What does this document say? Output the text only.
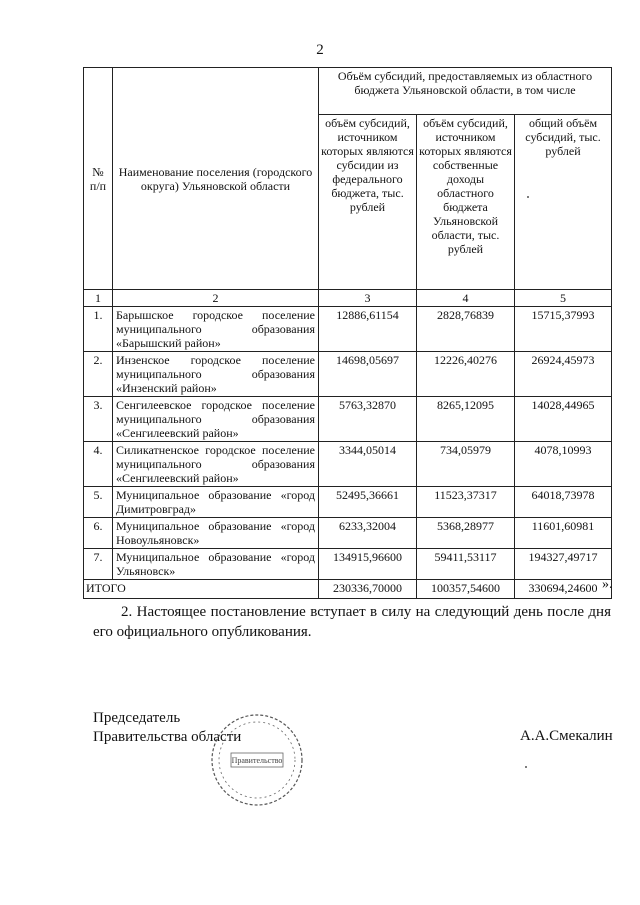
2
№ п/п	Наименование поселения (городского округа) Ульяновской области	Объём субсидий, предоставляемых из областного бюджета Ульяновской области, в том числе		
		объём субсидий, источником которых являются субсидии из федерального бюджета, тыс. рублей	объём субсидий, источником которых являются собственные доходы областного бюджета Ульяновской области, тыс. рублей	общий объём субсидий, тыс. рублей
1	2	3	4	5
1.	Барышское городское поселение муниципального образования «Барышский район»	12886,61154	2828,76839	15715,37993
2.	Инзенское городское поселение муниципального образования «Инзенский район»	14698,05697	12226,40276	26924,45973
3.	Сенгилеевское городское поселение муниципального образования «Сенгилеевский район»	5763,32870	8265,12095	14028,44965
4.	Силикатненское городское поселение муниципального образования «Сенгилеевский район»	3344,05014	734,05979	4078,10993
5.	Муниципальное образование «город Димитровград»	52495,36661	11523,37317	64018,73978
6.	Муниципальное образование «город Новоульяновск»	6233,32004	5368,28977	11601,60981
7.	Муниципальное образование «город Ульяновск»	134915,96600	59411,53117	194327,49717
ИТОГО		230336,70000	100357,54600	330694,24600 ».
2. Настоящее постановление вступает в силу на следующий день после дня его официального опубликования.
Председатель
Правительства области
Правительство
А.А.Смекалин
